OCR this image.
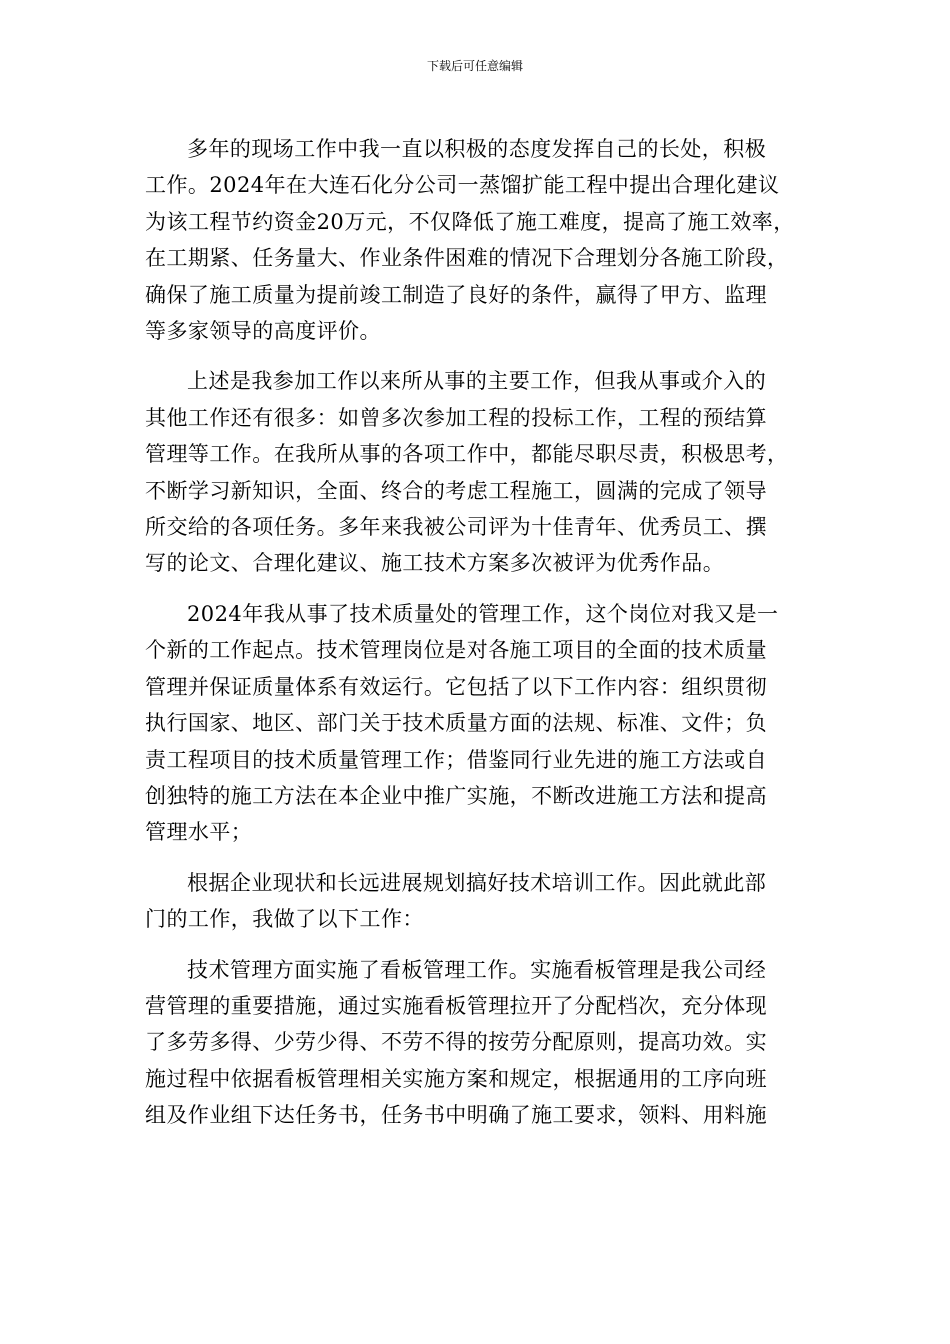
下载后可任意编辑

多年的现场工作中我一直以积极的态度发挥自己的长处，积极
工作。2024年在大连石化分公司一蒸馏扩能工程中提出合理化建议
为该工程节约资金20万元，不仅降低了施工难度，提高了施工效率，
在工期紧、任务量大、作业条件困难的情况下合理划分各施工阶段，
确保了施工质量为提前竣工制造了良好的条件，赢得了甲方、监理
等多家领导的高度评价。

上述是我参加工作以来所从事的主要工作，但我从事或介入的
其他工作还有很多：如曾多次参加工程的投标工作，工程的预结算
管理等工作。在我所从事的各项工作中，都能尽职尽责，积极思考，
不断学习新知识，全面、终合的考虑工程施工，圆满的完成了领导
所交给的各项任务。多年来我被公司评为十佳青年、优秀员工、撰
写的论文、合理化建议、施工技术方案多次被评为优秀作品。

2024年我从事了技术质量处的管理工作，这个岗位对我又是一
个新的工作起点。技术管理岗位是对各施工项目的全面的技术质量
管理并保证质量体系有效运行。它包括了以下工作内容：组织贯彻
执行国家、地区、部门关于技术质量方面的法规、标准、文件；负
责工程项目的技术质量管理工作；借鉴同行业先进的施工方法或自
创独特的施工方法在本企业中推广实施，不断改进施工方法和提高
管理水平；

根据企业现状和长远进展规划搞好技术培训工作。因此就此部
门的工作，我做了以下工作：

技术管理方面实施了看板管理工作。实施看板管理是我公司经
营管理的重要措施，通过实施看板管理拉开了分配档次，充分体现
了多劳多得、少劳少得、不劳不得的按劳分配原则，提高功效。实
施过程中依据看板管理相关实施方案和规定，根据通用的工序向班
组及作业组下达任务书，任务书中明确了施工要求，领料、用料施
